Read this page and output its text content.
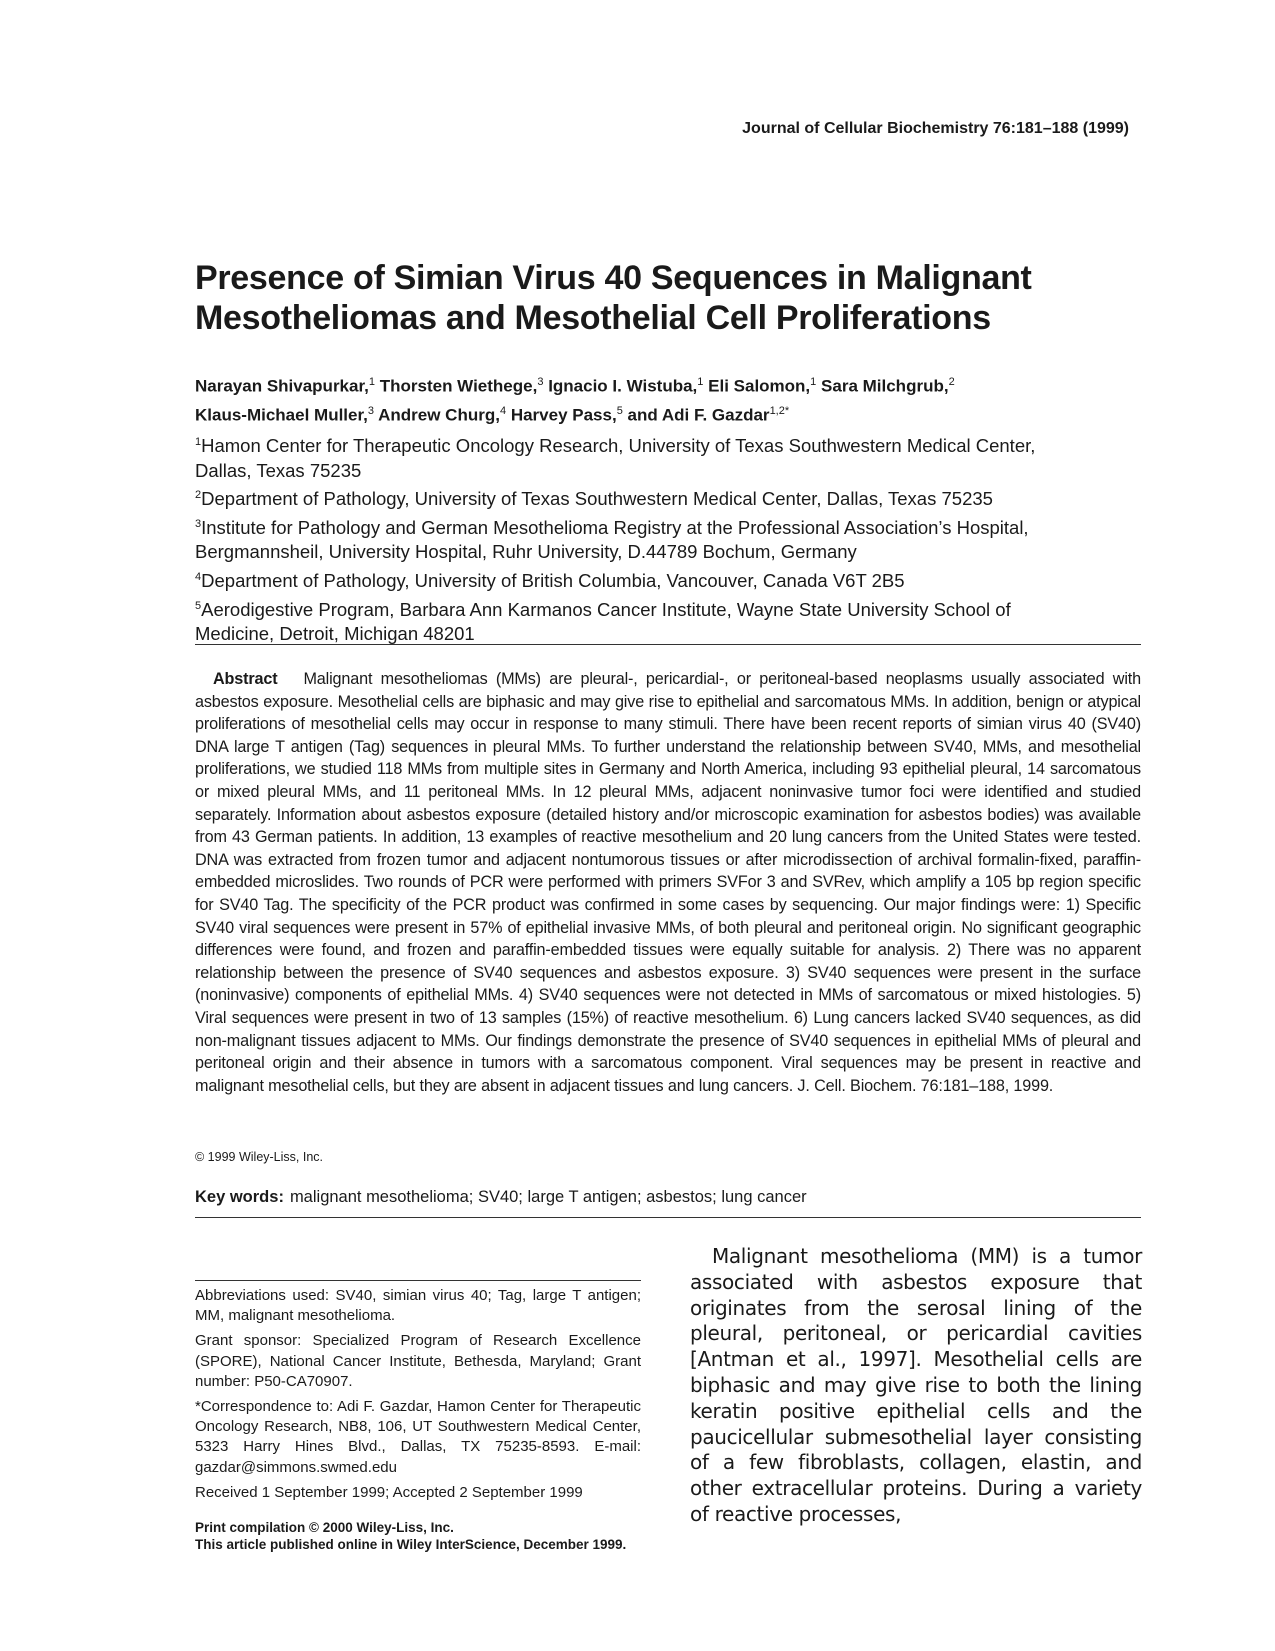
Journal of Cellular Biochemistry 76:181–188 (1999)
Presence of Simian Virus 40 Sequences in Malignant
Mesotheliomas and Mesothelial Cell Proliferations
Narayan Shivapurkar,$^1$ Thorsten Wiethege,$^3$ Ignacio I. Wistuba,$^1$ Eli Salomon,$^1$ Sara Milchgrub,$^2$
Klaus-Michael Muller,$^3$ Andrew Churg,$^4$ Harvey Pass,$^5$ and Adi F. Gazdar$^{1,2*}$

$^1$Hamon Center for Therapeutic Oncology Research, University of Texas Southwestern Medical Center, Dallas, Texas 75235

$^2$Department of Pathology, University of Texas Southwestern Medical Center, Dallas, Texas 75235

$^3$Institute for Pathology and German Mesothelioma Registry at the Professional Association’s Hospital, Bergmannsheil, University Hospital, Ruhr University, D.44789 Bochum, Germany

$^4$Department of Pathology, University of British Columbia, Vancouver, Canada V6T 2B5

$^5$Aerodigestive Program, Barbara Ann Karmanos Cancer Institute, Wayne State University School of Medicine, Detroit, Michigan 48201

Abstract Malignant mesotheliomas (MMs) are pleural-, pericardial-, or peritoneal-based neoplasms usually associated with asbestos exposure. Mesothelial cells are biphasic and may give rise to epithelial and sarcomatous MMs. In addition, benign or atypical proliferations of mesothelial cells may occur in response to many stimuli. There have been recent reports of simian virus 40 (SV40) DNA large T antigen (Tag) sequences in pleural MMs. To further understand the relationship between SV40, MMs, and mesothelial proliferations, we studied 118 MMs from multiple sites in Germany and North America, including 93 epithelial pleural, 14 sarcomatous or mixed pleural MMs, and 11 peritoneal MMs. In 12 pleural MMs, adjacent noninvasive tumor foci were identified and studied separately. Information about asbestos exposure (detailed history and/or microscopic examination for asbestos bodies) was available from 43 German patients. In addition, 13 examples of reactive mesothelium and 20 lung cancers from the United States were tested. DNA was extracted from frozen tumor and adjacent nontumorous tissues or after microdissection of archival formalin-fixed, paraffin-embedded microslides. Two rounds of PCR were performed with primers SVFor 3 and SVRev, which amplify a 105 bp region specific for SV40 Tag. The specificity of the PCR product was confirmed in some cases by sequencing. Our major findings were: 1) Specific SV40 viral sequences were present in 57% of epithelial invasive MMs, of both pleural and peritoneal origin. No significant geographic differences were found, and frozen and paraffin-embedded tissues were equally suitable for analysis. 2) There was no apparent relationship between the presence of SV40 sequences and asbestos exposure. 3) SV40 sequences were present in the surface (noninvasive) components of epithelial MMs. 4) SV40 sequences were not detected in MMs of sarcomatous or mixed histologies. 5) Viral sequences were present in two of 13 samples (15%) of reactive mesothelium. 6) Lung cancers lacked SV40 sequences, as did non-malignant tissues adjacent to MMs. Our findings demonstrate the presence of SV40 sequences in epithelial MMs of pleural and peritoneal origin and their absence in tumors with a sarcomatous component. Viral sequences may be present in reactive and malignant mesothelial cells, but they are absent in adjacent tissues and lung cancers. J. Cell. Biochem. 76:181–188, 1999.
© 1999 Wiley-Liss, Inc.
Key words: malignant mesothelioma; SV40; large T antigen; asbestos; lung cancer

Abbreviations used: SV40, simian virus 40; Tag, large T antigen; MM, malignant mesothelioma.

Grant sponsor: Specialized Program of Research Excellence (SPORE), National Cancer Institute, Bethesda, Maryland; Grant number: P50-CA70907.

*Correspondence to: Adi F. Gazdar, Hamon Center for Therapeutic Oncology Research, NB8, 106, UT Southwestern Medical Center, 5323 Harry Hines Blvd., Dallas, TX 75235-8593. E-mail: gazdar@simmons.swmed.edu

Received 1 September 1999; Accepted 2 September 1999

Print compilation © 2000 Wiley-Liss, Inc.
This article published online in Wiley InterScience, December 1999.
Malignant mesothelioma (MM) is a tumor associated with asbestos exposure that originates from the serosal lining of the pleural, peritoneal, or pericardial cavities [Antman et al., 1997]. Mesothelial cells are biphasic and may give rise to both the lining keratin positive epithelial cells and the paucicellular submesothelial layer consisting of a few fibroblasts, collagen, elastin, and other extracellular proteins. During a variety of reactive processes,
